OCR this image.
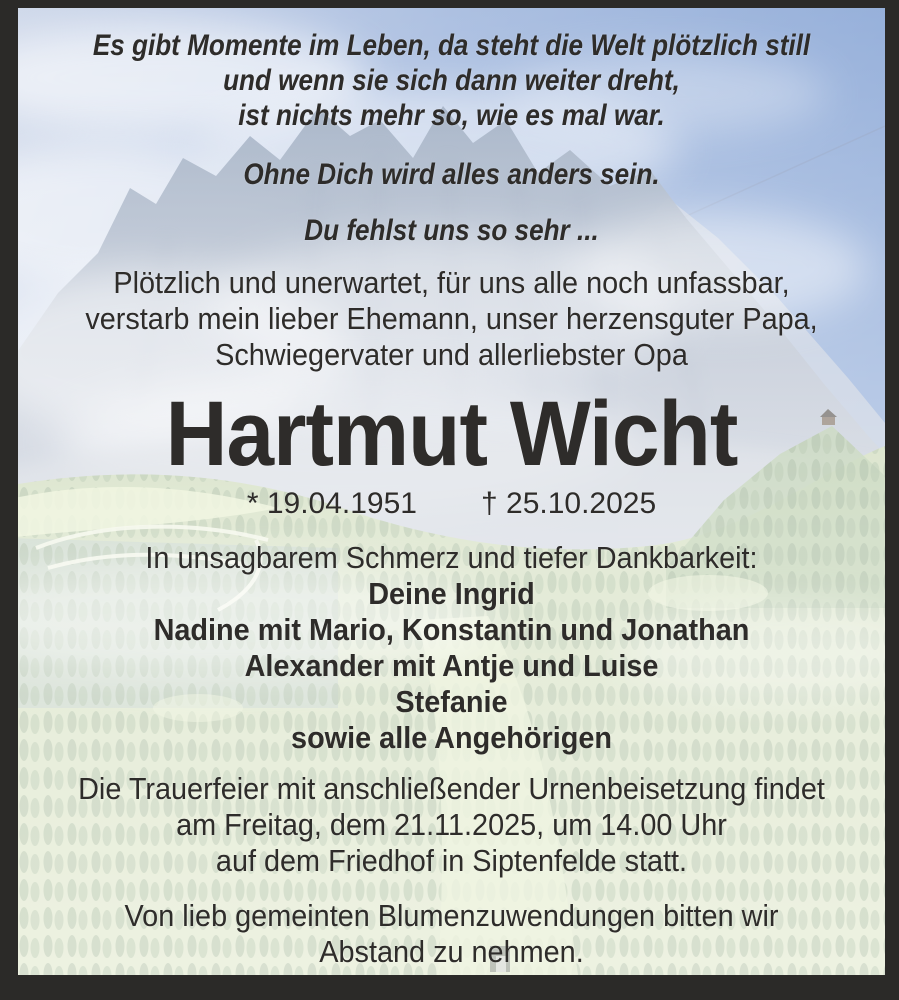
Es gibt Momente im Leben, da steht die Welt plötzlich still
und wenn sie sich dann weiter dreht,
ist nichts mehr so, wie es mal war.
Ohne Dich wird alles anders sein.
Du fehlst uns so sehr ...
Plötzlich und unerwartet, für uns alle noch unfassbar,
verstarb mein lieber Ehemann, unser herzensguter Papa,
Schwiegervater und allerliebster Opa
Hartmut Wicht
* 19.04.1951 † 25.10.2025
In unsagbarem Schmerz und tiefer Dankbarkeit:
Deine Ingrid
Nadine mit Mario, Konstantin und Jonathan
Alexander mit Antje und Luise
Stefanie
sowie alle Angehörigen
Die Trauerfeier mit anschließender Urnenbeisetzung findet
am Freitag, dem 21.11.2025, um 14.00 Uhr
auf dem Friedhof in Siptenfelde statt.
Von lieb gemeinten Blumenzuwendungen bitten wir
Abstand zu nehmen.
